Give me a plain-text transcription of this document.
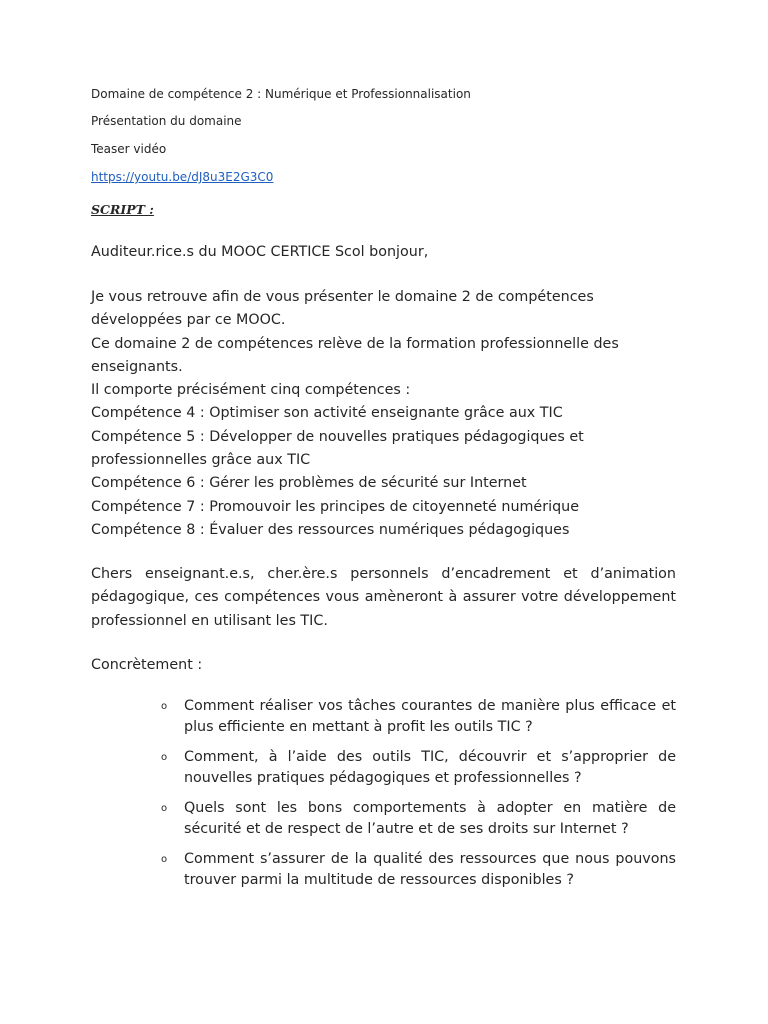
Domaine de compétence 2 : Numérique et Professionnalisation
Présentation du domaine
Teaser vidéo
https://youtu.be/dJ8u3E2G3C0
SCRIPT :
Auditeur.rice.s du MOOC CERTICE Scol bonjour,
Je vous retrouve afin de vous présenter le domaine 2 de compétences
développées par ce MOOC.
Ce domaine 2 de compétences relève de la formation professionnelle des
enseignants.
Il comporte précisément cinq compétences :
Compétence 4 : Optimiser son activité enseignante grâce aux TIC
Compétence 5 : Développer de nouvelles pratiques pédagogiques et
professionnelles grâce aux TIC
Compétence 6 : Gérer les problèmes de sécurité sur Internet
Compétence 7 : Promouvoir les principes de citoyenneté numérique
Compétence 8 : Évaluer des ressources numériques pédagogiques
Chers enseignant.e.s, cher.ère.s personnels d’encadrement et d’animation pédagogique, ces compétences vous amèneront à assurer votre développement professionnel en utilisant les TIC.
Concrètement :
o Comment réaliser vos tâches courantes de manière plus efficace et plus efficiente en mettant à profit les outils TIC ?
o Comment, à l’aide des outils TIC, découvrir et s’approprier de nouvelles pratiques pédagogiques et professionnelles ?
o Quels sont les bons comportements à adopter en matière de sécurité et de respect de l’autre et de ses droits sur Internet ?
o Comment s’assurer de la qualité des ressources que nous pouvons trouver parmi la multitude de ressources disponibles ?
